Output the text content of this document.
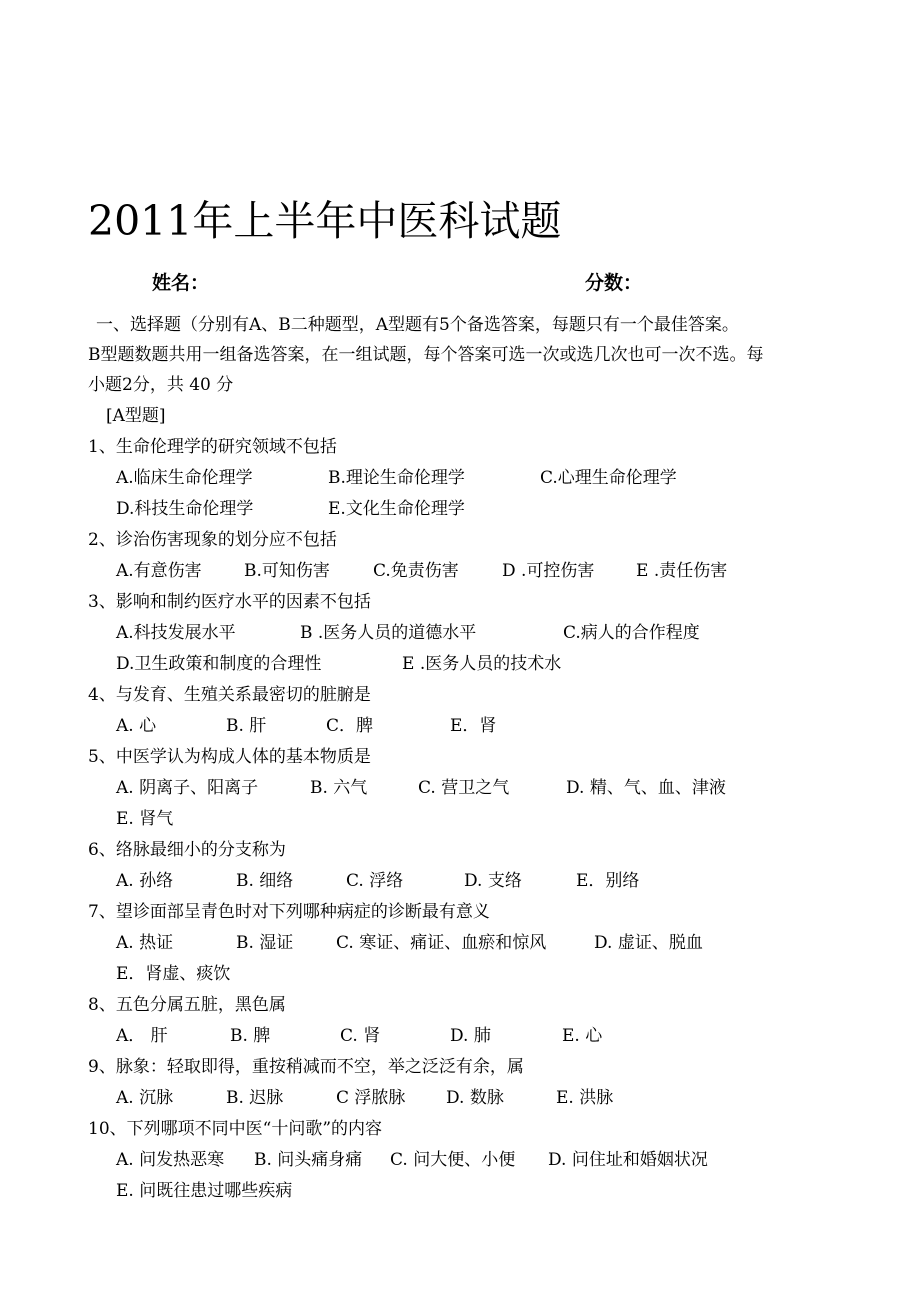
2011年上半年中医科试题
姓名：	分数：
一、选择题（分别有A、B二种题型，A型题有5个备选答案，每题只有一个最佳答案。
B型题数题共用一组备选答案，在一组试题，每个答案可选一次或选几次也可一次不选。每
小题2分，共 40 分
[A型题]
1、生命伦理学的研究领域不包括
A.临床生命伦理学	B.理论生命伦理学	C.心理生命伦理学
D.科技生命伦理学	E.文化生命伦理学
2、诊治伤害现象的划分应不包括
A.有意伤害 B.可知伤害	C.免责伤害	D .可控伤害 E .责任伤害
3、影响和制约医疗水平的因素不包括
A.科技发展水平	B .医务人员的道德水平	C.病人的合作程度
D.卫生政策和制度的合理性	E .医务人员的技术水
4、与发育、生殖关系最密切的脏腑是
A. 心	B. 肝	C．脾	E．肾
5、中医学认为构成人体的基本物质是
A. 阴离子、阳离子	B. 六气	C. 营卫之气	D. 精、气、血、津液
E. 肾气
6、络脉最细小的分支称为
A. 孙络	B. 细络	C. 浮络	D. 支络	E．别络
7、望诊面部呈青色时对下列哪种病症的诊断最有意义
A. 热证	B. 湿证	C. 寒证、痛证、血瘀和惊风	D. 虚证、脱血
E．肾虚、痰饮
8、五色分属五脏，黑色属
A． 肝	B. 脾	C. 肾	D. 肺	E. 心
9、脉象：轻取即得，重按稍减而不空，举之泛泛有余，属
A. 沉脉	B. 迟脉	C 浮脓脉 D. 数脉	E. 洪脉
10、下列哪项不同中医“十问歌”的内容
A. 问发热恶寒 B. 问头痛身痛 C. 问大便、小便 D. 问住址和婚姻状况
E. 问既往患过哪些疾病
